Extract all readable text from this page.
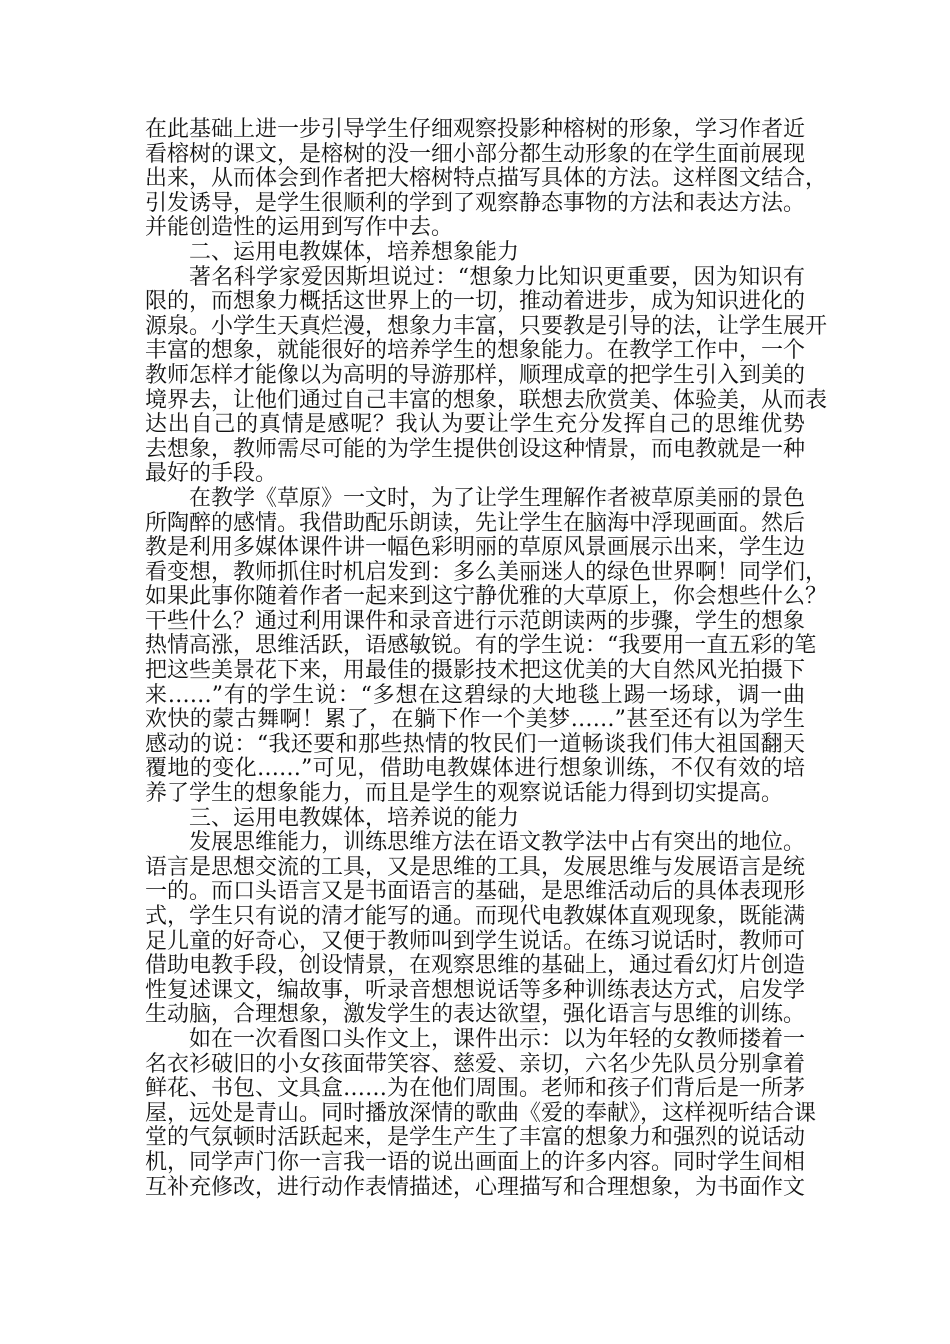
在此基础上进一步引导学生仔细观察投影种榕树的形象，学习作者近
看榕树的课文，是榕树的没一细小部分都生动形象的在学生面前展现
出来，从而体会到作者把大榕树特点描写具体的方法。这样图文结合，
引发诱导，是学生很顺利的学到了观察静态事物的方法和表达方法。
并能创造性的运用到写作中去。
二、运用电教媒体，培养想象能力
著名科学家爱因斯坦说过：“想象力比知识更重要，因为知识有
限的，而想象力概括这世界上的一切，推动着进步，成为知识进化的
源泉。小学生天真烂漫，想象力丰富，只要教是引导的法，让学生展开
丰富的想象，就能很好的培养学生的想象能力。在教学工作中，一个
教师怎样才能像以为高明的导游那样，顺理成章的把学生引入到美的
境界去，让他们通过自己丰富的想象，联想去欣赏美、体验美，从而表
达出自己的真情是感呢？我认为要让学生充分发挥自己的思维优势
去想象，教师需尽可能的为学生提供创设这种情景，而电教就是一种
最好的手段。
在教学《草原》一文时，为了让学生理解作者被草原美丽的景色
所陶醉的感情。我借助配乐朗读，先让学生在脑海中浮现画面。然后
教是利用多媒体课件讲一幅色彩明丽的草原风景画展示出来，学生边
看变想，教师抓住时机启发到：多么美丽迷人的绿色世界啊！同学们，
如果此事你随着作者一起来到这宁静优雅的大草原上，你会想些什么？
干些什么？通过利用课件和录音进行示范朗读两的步骤，学生的想象
热情高涨，思维活跃，语感敏锐。有的学生说：“我要用一直五彩的笔
把这些美景花下来，用最佳的摄影技术把这优美的大自然风光拍摄下
来……”有的学生说：“多想在这碧绿的大地毯上踢一场球，调一曲
欢快的蒙古舞啊！累了，在躺下作一个美梦……”甚至还有以为学生
感动的说：“我还要和那些热情的牧民们一道畅谈我们伟大祖国翻天
覆地的变化……”可见，借助电教媒体进行想象训练，不仅有效的培
养了学生的想象能力，而且是学生的观察说话能力得到切实提高。
三、运用电教媒体，培养说的能力
发展思维能力，训练思维方法在语文教学法中占有突出的地位。
语言是思想交流的工具，又是思维的工具，发展思维与发展语言是统
一的。而口头语言又是书面语言的基础，是思维活动后的具体表现形
式，学生只有说的清才能写的通。而现代电教媒体直观现象，既能满
足儿童的好奇心，又便于教师叫到学生说话。在练习说话时，教师可
借助电教手段，创设情景，在观察思维的基础上，通过看幻灯片创造
性复述课文，编故事，听录音想想说话等多种训练表达方式，启发学
生动脑，合理想象，激发学生的表达欲望，强化语言与思维的训练。
如在一次看图口头作文上，课件出示：以为年轻的女教师搂着一
名衣衫破旧的小女孩面带笑容、慈爱、亲切，六名少先队员分别拿着
鲜花、书包、文具盒……为在他们周围。老师和孩子们背后是一所茅
屋，远处是青山。同时播放深情的歌曲《爱的奉献》，这样视听结合课
堂的气氛顿时活跃起来，是学生产生了丰富的想象力和强烈的说话动
机，同学声门你一言我一语的说出画面上的许多内容。同时学生间相
互补充修改，进行动作表情描述，心理描写和合理想象，为书面作文
